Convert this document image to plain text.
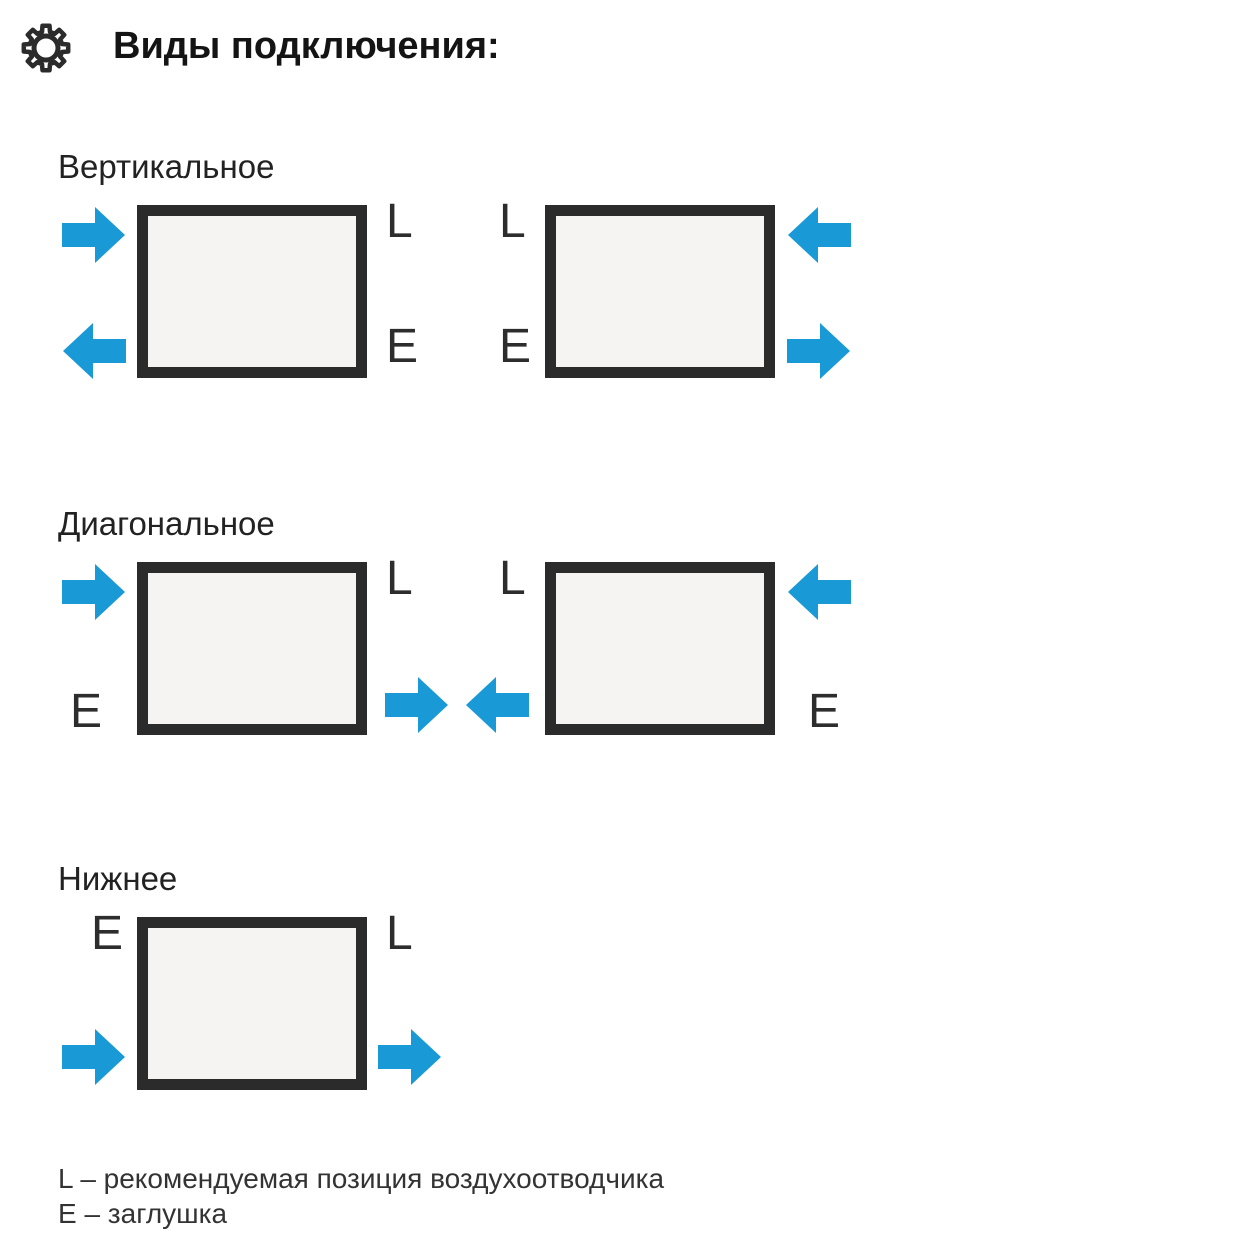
Виды подключения:
Вертикальное
L
E
L
E
Диагональное
L
E
L
E
Нижнее
E	L
L – рекомендуемая позиция воздухоотводчика
E – заглушка
